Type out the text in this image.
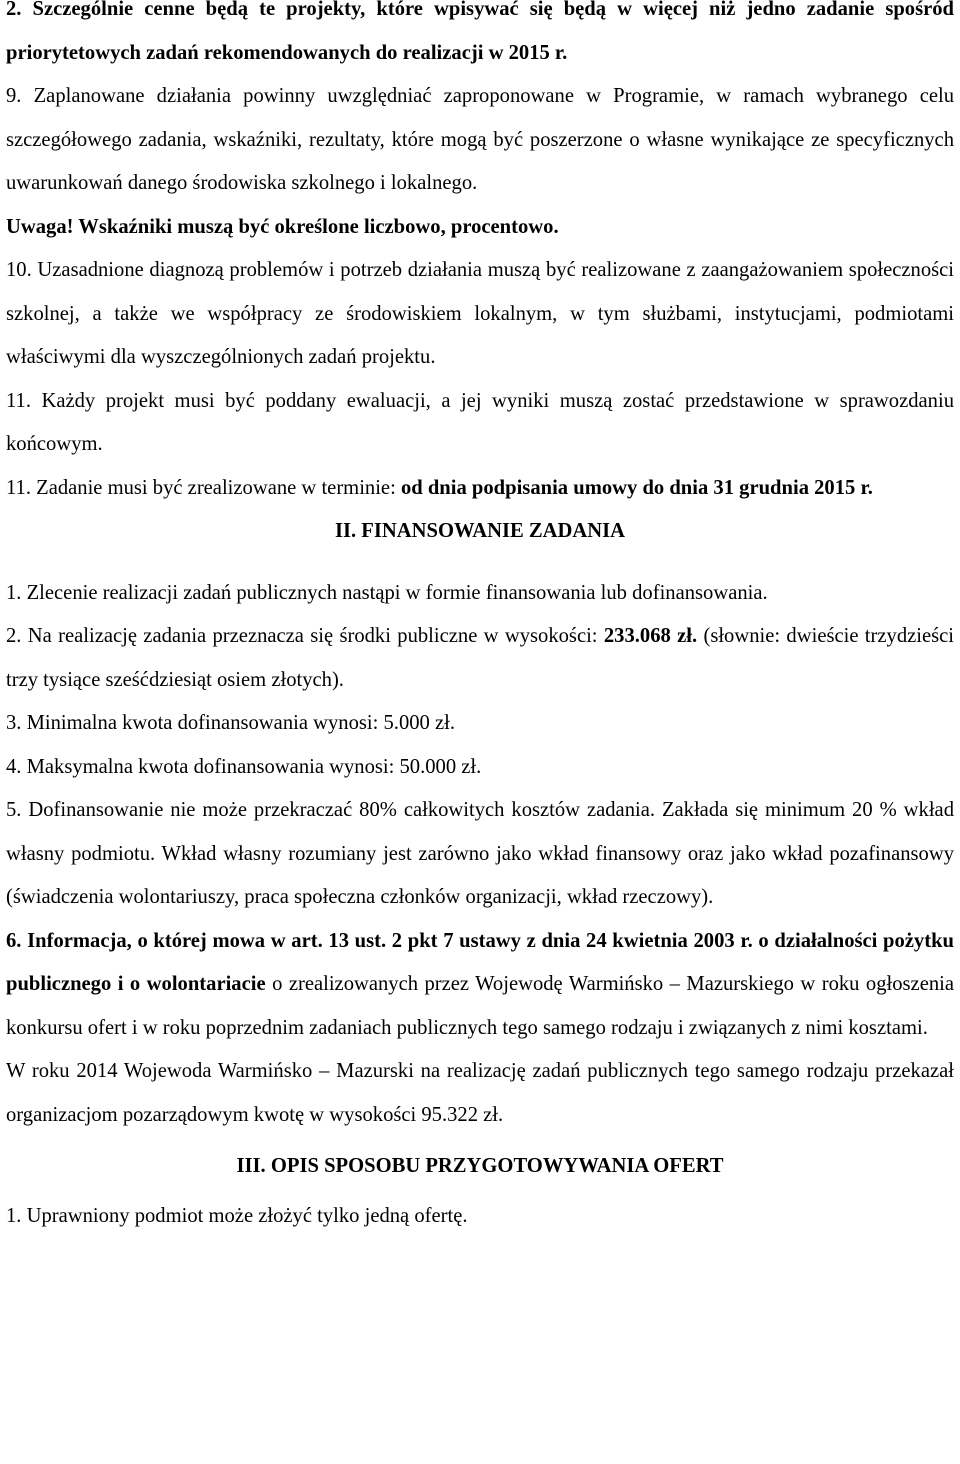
2. Szczególnie cenne będą te projekty, które wpisywać się będą w więcej niż jedno zadanie spośród priorytetowych zadań rekomendowanych do realizacji w 2015 r.

9. Zaplanowane działania powinny uwzględniać zaproponowane w Programie, w ramach wybranego celu szczegółowego zadania, wskaźniki, rezultaty, które mogą być poszerzone o własne wynikające ze specyficznych uwarunkowań danego środowiska szkolnego i lokalnego.

Uwaga! Wskaźniki muszą być określone liczbowo, procentowo.

10. Uzasadnione diagnozą problemów i potrzeb działania muszą być realizowane z zaangażowaniem społeczności szkolnej, a także we współpracy ze środowiskiem lokalnym, w tym służbami, instytucjami, podmiotami właściwymi dla wyszczególnionych zadań projektu.

11. Każdy projekt musi być poddany ewaluacji, a jej wyniki muszą zostać przedstawione w sprawozdaniu końcowym.

11. Zadanie musi być zrealizowane w terminie: od dnia podpisania umowy do dnia 31 grudnia 2015 r.

II. FINANSOWANIE ZADANIA

1. Zlecenie realizacji zadań publicznych nastąpi w formie finansowania lub dofinansowania.

2. Na realizację zadania przeznacza się środki publiczne w wysokości: 233.068 zł. (słownie: dwieście trzydzieści trzy tysiące sześćdziesiąt osiem złotych).

3. Minimalna kwota dofinansowania wynosi: 5.000 zł.

4. Maksymalna kwota dofinansowania wynosi: 50.000 zł.

5. Dofinansowanie nie może przekraczać 80% całkowitych kosztów zadania. Zakłada się minimum 20 % wkład własny podmiotu. Wkład własny rozumiany jest zarówno jako wkład finansowy oraz jako wkład pozafinansowy (świadczenia wolontariuszy, praca społeczna członków organizacji, wkład rzeczowy).

6. Informacja, o której mowa w art. 13 ust. 2 pkt 7 ustawy z dnia 24 kwietnia 2003 r. o działalności pożytku publicznego i o wolontariacie o zrealizowanych przez Wojewodę Warmińsko – Mazurskiego w roku ogłoszenia konkursu ofert i w roku poprzednim zadaniach publicznych tego samego rodzaju i związanych z nimi kosztami.

W roku 2014 Wojewoda Warmińsko – Mazurski na realizację zadań publicznych tego samego rodzaju przekazał organizacjom pozarządowym kwotę w wysokości 95.322 zł.

III. OPIS SPOSOBU PRZYGOTOWYWANIA OFERT

1. Uprawniony podmiot może złożyć tylko jedną ofertę.
